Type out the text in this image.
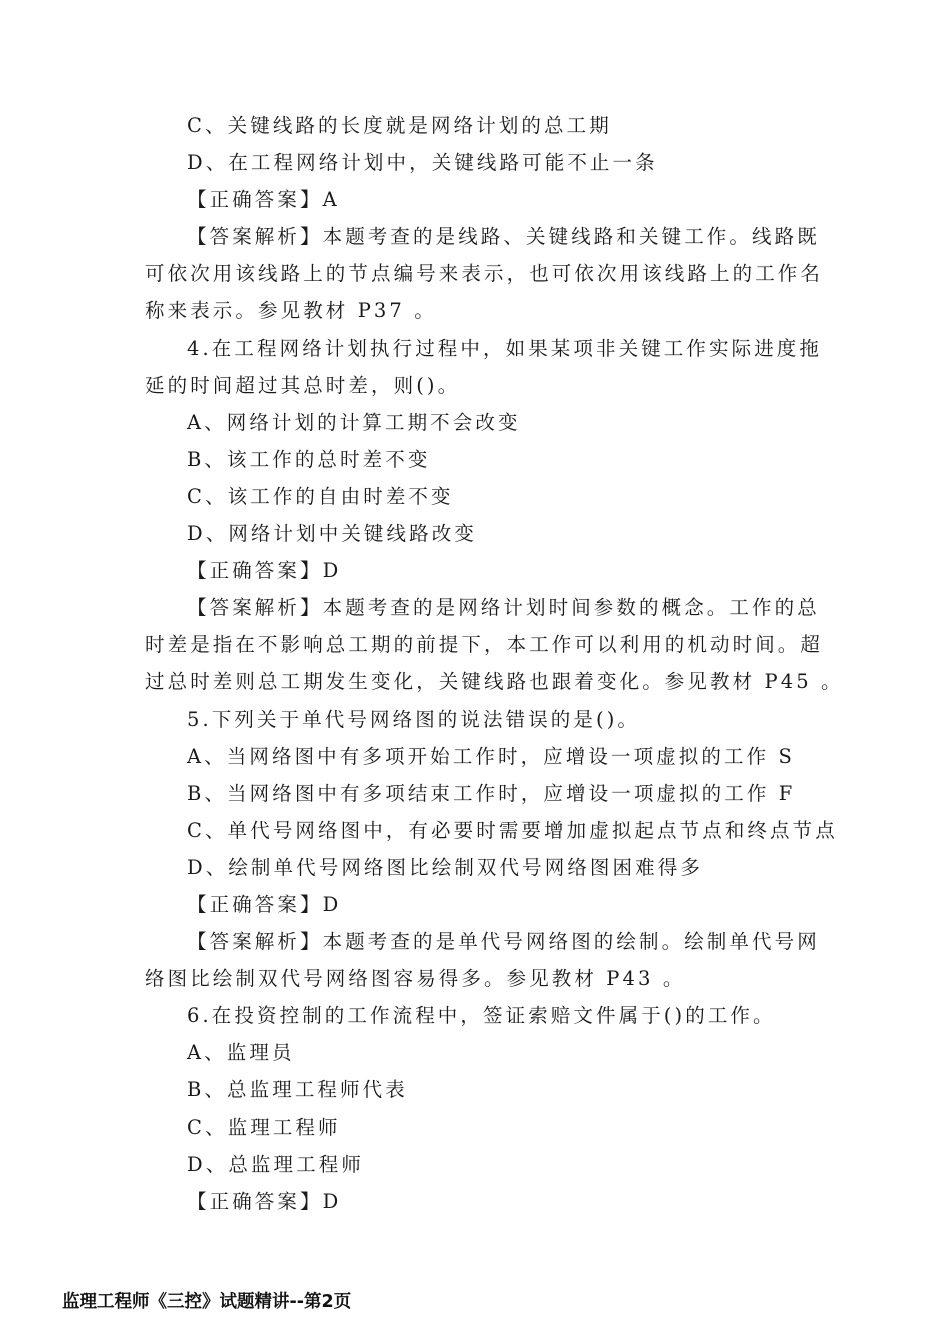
C、关键线路的长度就是网络计划的总工期
D、在工程网络计划中，关键线路可能不止一条
【正确答案】A
【答案解析】本题考查的是线路、关键线路和关键工作。线路既
可依次用该线路上的节点编号来表示，也可依次用该线路上的工作名
称来表示。参见教材 P37 。
4.在工程网络计划执行过程中，如果某项非关键工作实际进度拖
延的时间超过其总时差，则()。
A、网络计划的计算工期不会改变
B、该工作的总时差不变
C、该工作的自由时差不变
D、网络计划中关键线路改变
【正确答案】D
【答案解析】本题考查的是网络计划时间参数的概念。工作的总
时差是指在不影响总工期的前提下，本工作可以利用的机动时间。超
过总时差则总工期发生变化，关键线路也跟着变化。参见教材 P45 。
5.下列关于单代号网络图的说法错误的是()。
A、当网络图中有多项开始工作时，应增设一项虚拟的工作 S
B、当网络图中有多项结束工作时，应增设一项虚拟的工作 F
C、单代号网络图中，有必要时需要增加虚拟起点节点和终点节点
D、绘制单代号网络图比绘制双代号网络图困难得多
【正确答案】D
【答案解析】本题考查的是单代号网络图的绘制。绘制单代号网
络图比绘制双代号网络图容易得多。参见教材 P43 。
6.在投资控制的工作流程中，签证索赔文件属于()的工作。
A、监理员
B、总监理工程师代表
C、监理工程师
D、总监理工程师
【正确答案】D
监理工程师《三控》试题精讲--第2页
